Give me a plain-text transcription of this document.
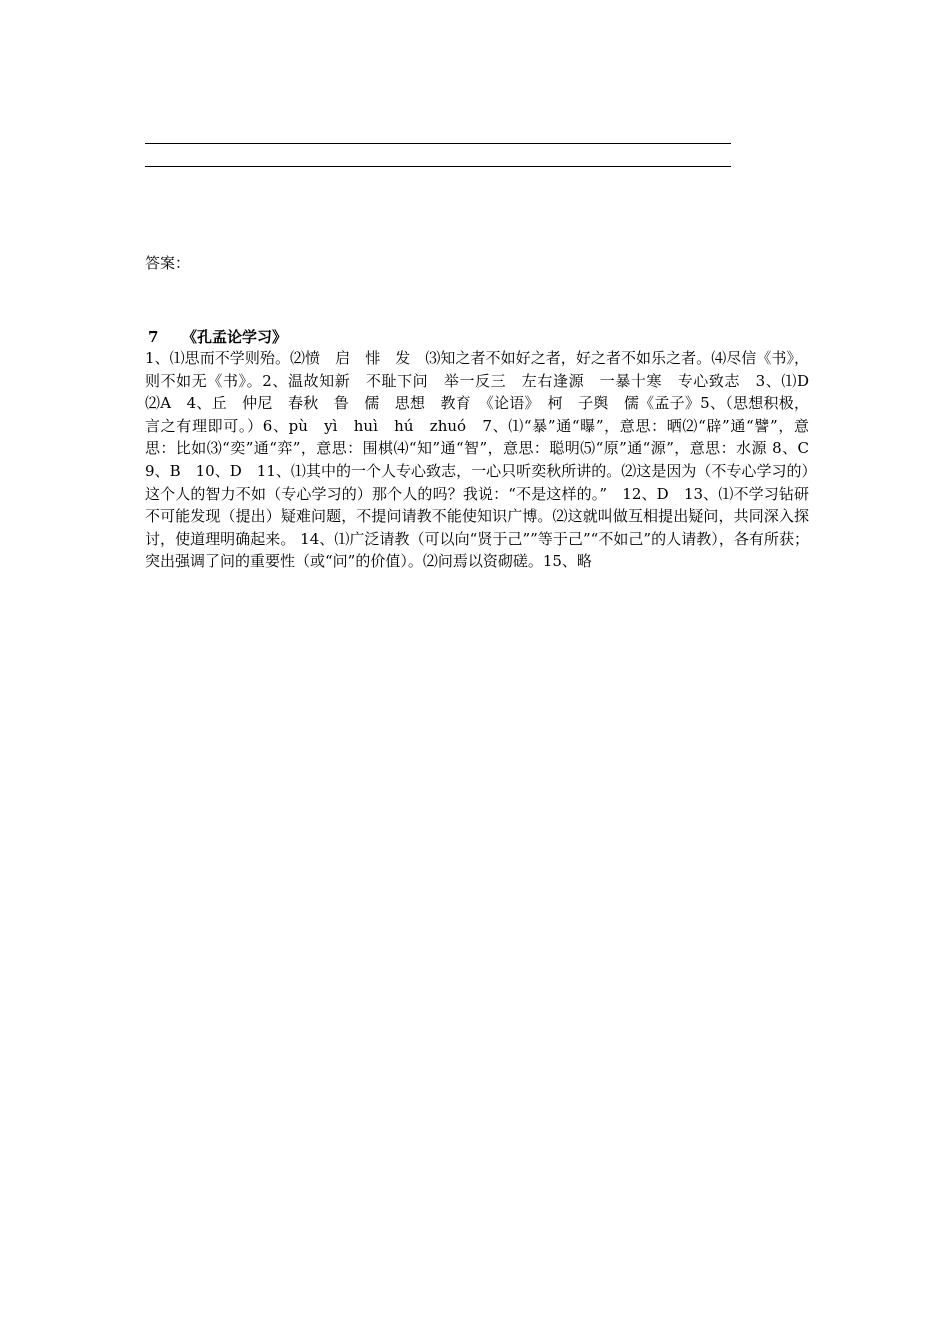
答案：
7 《孔孟论学习》
1、⑴思而不学则殆。⑵愤　启　悱　发　⑶知之者不如好之者，好之者不如乐之者。⑷尽信《书》，则不如无《书》。2、温故知新　不耻下问　举一反三　左右逢源　一暴十寒　专心致志　3、⑴D　⑵A　4、丘　仲尼　春秋　鲁　儒　思想　教育　《论语》　柯　子舆　儒《孟子》5、（思想积极，言之有理即可。）6、pù　yì　huì　hú　zhuó　7、⑴“暴”通“曝”，意思：晒⑵“辟”通“譬”，意思：比如⑶“奕”通“弈”，意思：围棋⑷“知”通“智”，意思：聪明⑸“原”通“源”，意思：水源 8、C　9、B　10、D　11、⑴其中的一个人专心致志，一心只听奕秋所讲的。⑵这是因为（不专心学习的）这个人的智力不如（专心学习的）那个人的吗？我说：“不是这样的。”　12、D　13、⑴不学习钻研不可能发现（提出）疑难问题，不提问请教不能使知识广博。⑵这就叫做互相提出疑问，共同深入探讨，使道理明确起来。 14、⑴广泛请教（可以向“贤于己””等于己”“不如己”的人请教），各有所获；突出强调了问的重要性（或“问”的价值）。⑵问焉以资砌磋。15、略
